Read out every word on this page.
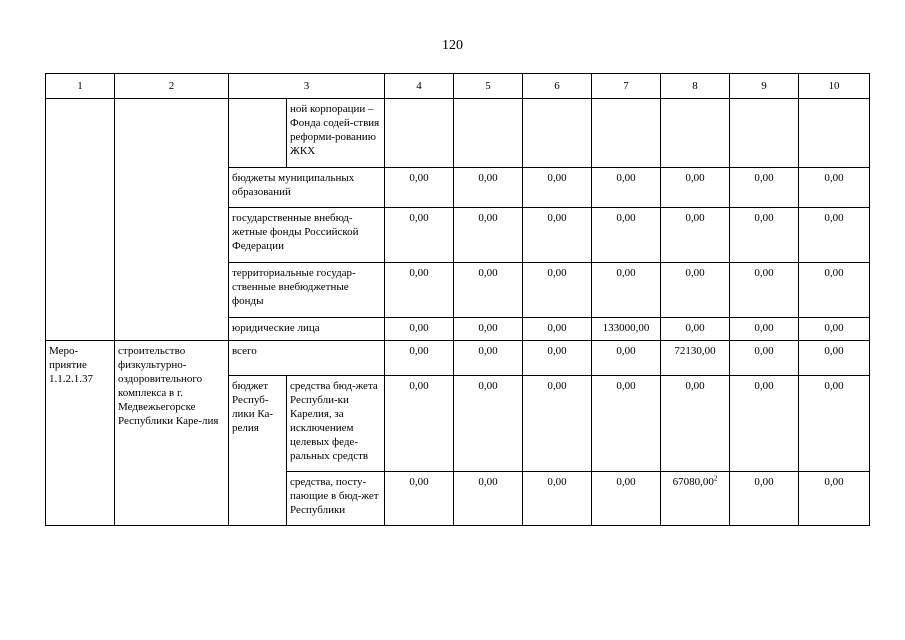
120
1	2	3		4	5	6	7	8	9	10
			ной корпорации – Фонда содей-ствия реформи-рованию ЖКХ							
		бюджеты муниципальных образований		0,00	0,00	0,00	0,00	0,00	0,00	0,00
		государственные внебюд-жетные фонды Российской Федерации		0,00	0,00	0,00	0,00	0,00	0,00	0,00
		территориальные государ-ственные внебюджетные фонды		0,00	0,00	0,00	0,00	0,00	0,00	0,00
		юридические лица		0,00	0,00	0,00	133000,00	0,00	0,00	0,00
Меро-приятие 1.1.2.1.37	строительство физкультурно-оздоровительного комплекса в г. Медвежьегорске Республики Каре-лия	всего		0,00	0,00	0,00	0,00	72130,00	0,00	0,00
		бюджет Респуб-лики Ка-релия	средства бюд-жета Республи-ки Карелия, за исключением целевых феде-ральных средств	0,00	0,00	0,00	0,00	0,00	0,00	0,00
			средства, посту-пающие в бюд-жет Республики	0,00	0,00	0,00	0,00	67080,00$^2$	0,00	0,00
